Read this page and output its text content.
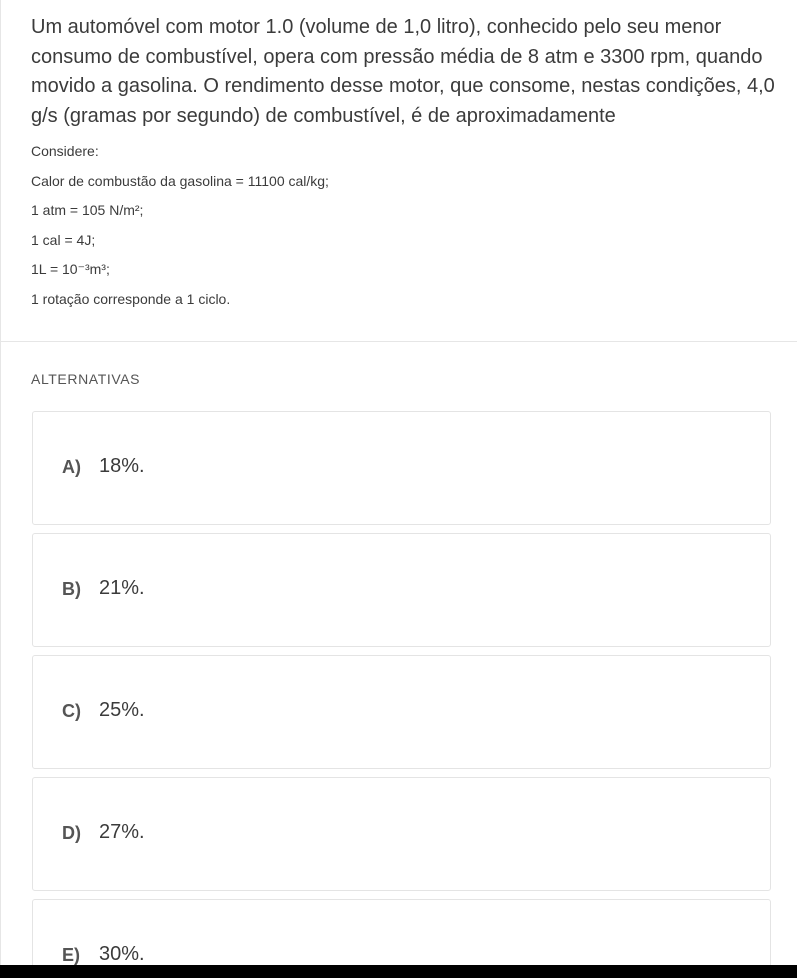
Um automóvel com motor 1.0 (volume de 1,0 litro), conhecido pelo seu menor consumo de combustível, opera com pressão média de 8 atm e 3300 rpm, quando movido a gasolina. O rendimento desse motor, que consome, nestas condições, 4,0 g/s (gramas por segundo) de combustível, é de aproximadamente
Considere:
Calor de combustão da gasolina = 11100 cal/kg;
1 atm = 105 N/m²;
1 cal = 4J;
1L = 10⁻³m³;
1 rotação corresponde a 1 ciclo.
ALTERNATIVAS
A) 18%.
B) 21%.
C) 25%.
D) 27%.
E) 30%.
